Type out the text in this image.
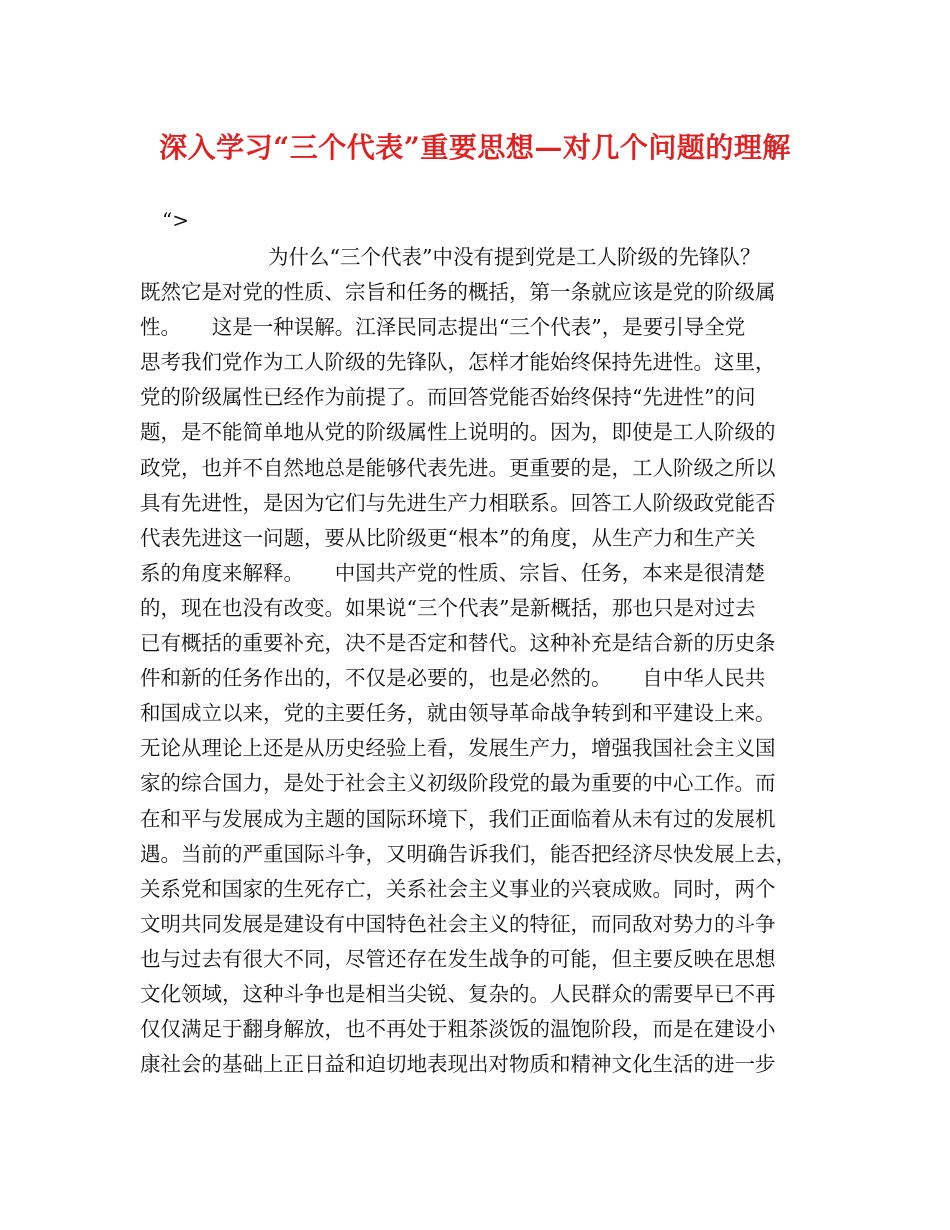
深入学习“三个代表”重要思想—对几个问题的理解
“>
为什么“三个代表”中没有提到党是工人阶级的先锋队？
既然它是对党的性质、宗旨和任务的概括，第一条就应该是党的阶级属
性。　　这是一种误解。江泽民同志提出“三个代表”，是要引导全党
思考我们党作为工人阶级的先锋队，怎样才能始终保持先进性。这里，
党的阶级属性已经作为前提了。而回答党能否始终保持“先进性”的问
题，是不能简单地从党的阶级属性上说明的。因为，即使是工人阶级的
政党，也并不自然地总是能够代表先进。更重要的是，工人阶级之所以
具有先进性，是因为它们与先进生产力相联系。回答工人阶级政党能否
代表先进这一问题，要从比阶级更“根本”的角度，从生产力和生产关
系的角度来解释。　　中国共产党的性质、宗旨、任务，本来是很清楚
的，现在也没有改变。如果说“三个代表”是新概括，那也只是对过去
已有概括的重要补充，决不是否定和替代。这种补充是结合新的历史条
件和新的任务作出的，不仅是必要的，也是必然的。　　自中华人民共
和国成立以来，党的主要任务，就由领导革命战争转到和平建设上来。
无论从理论上还是从历史经验上看，发展生产力，增强我国社会主义国
家的综合国力，是处于社会主义初级阶段党的最为重要的中心工作。而
在和平与发展成为主题的国际环境下，我们正面临着从未有过的发展机
遇。当前的严重国际斗争，又明确告诉我们，能否把经济尽快发展上去，
关系党和国家的生死存亡，关系社会主义事业的兴衰成败。同时，两个
文明共同发展是建设有中国特色社会主义的特征，而同敌对势力的斗争
也与过去有很大不同，尽管还存在发生战争的可能，但主要反映在思想
文化领域，这种斗争也是相当尖锐、复杂的。人民群众的需要早已不再
仅仅满足于翻身解放，也不再处于粗茶淡饭的温饱阶段，而是在建设小
康社会的基础上正日益和迫切地表现出对物质和精神文化生活的进一步
